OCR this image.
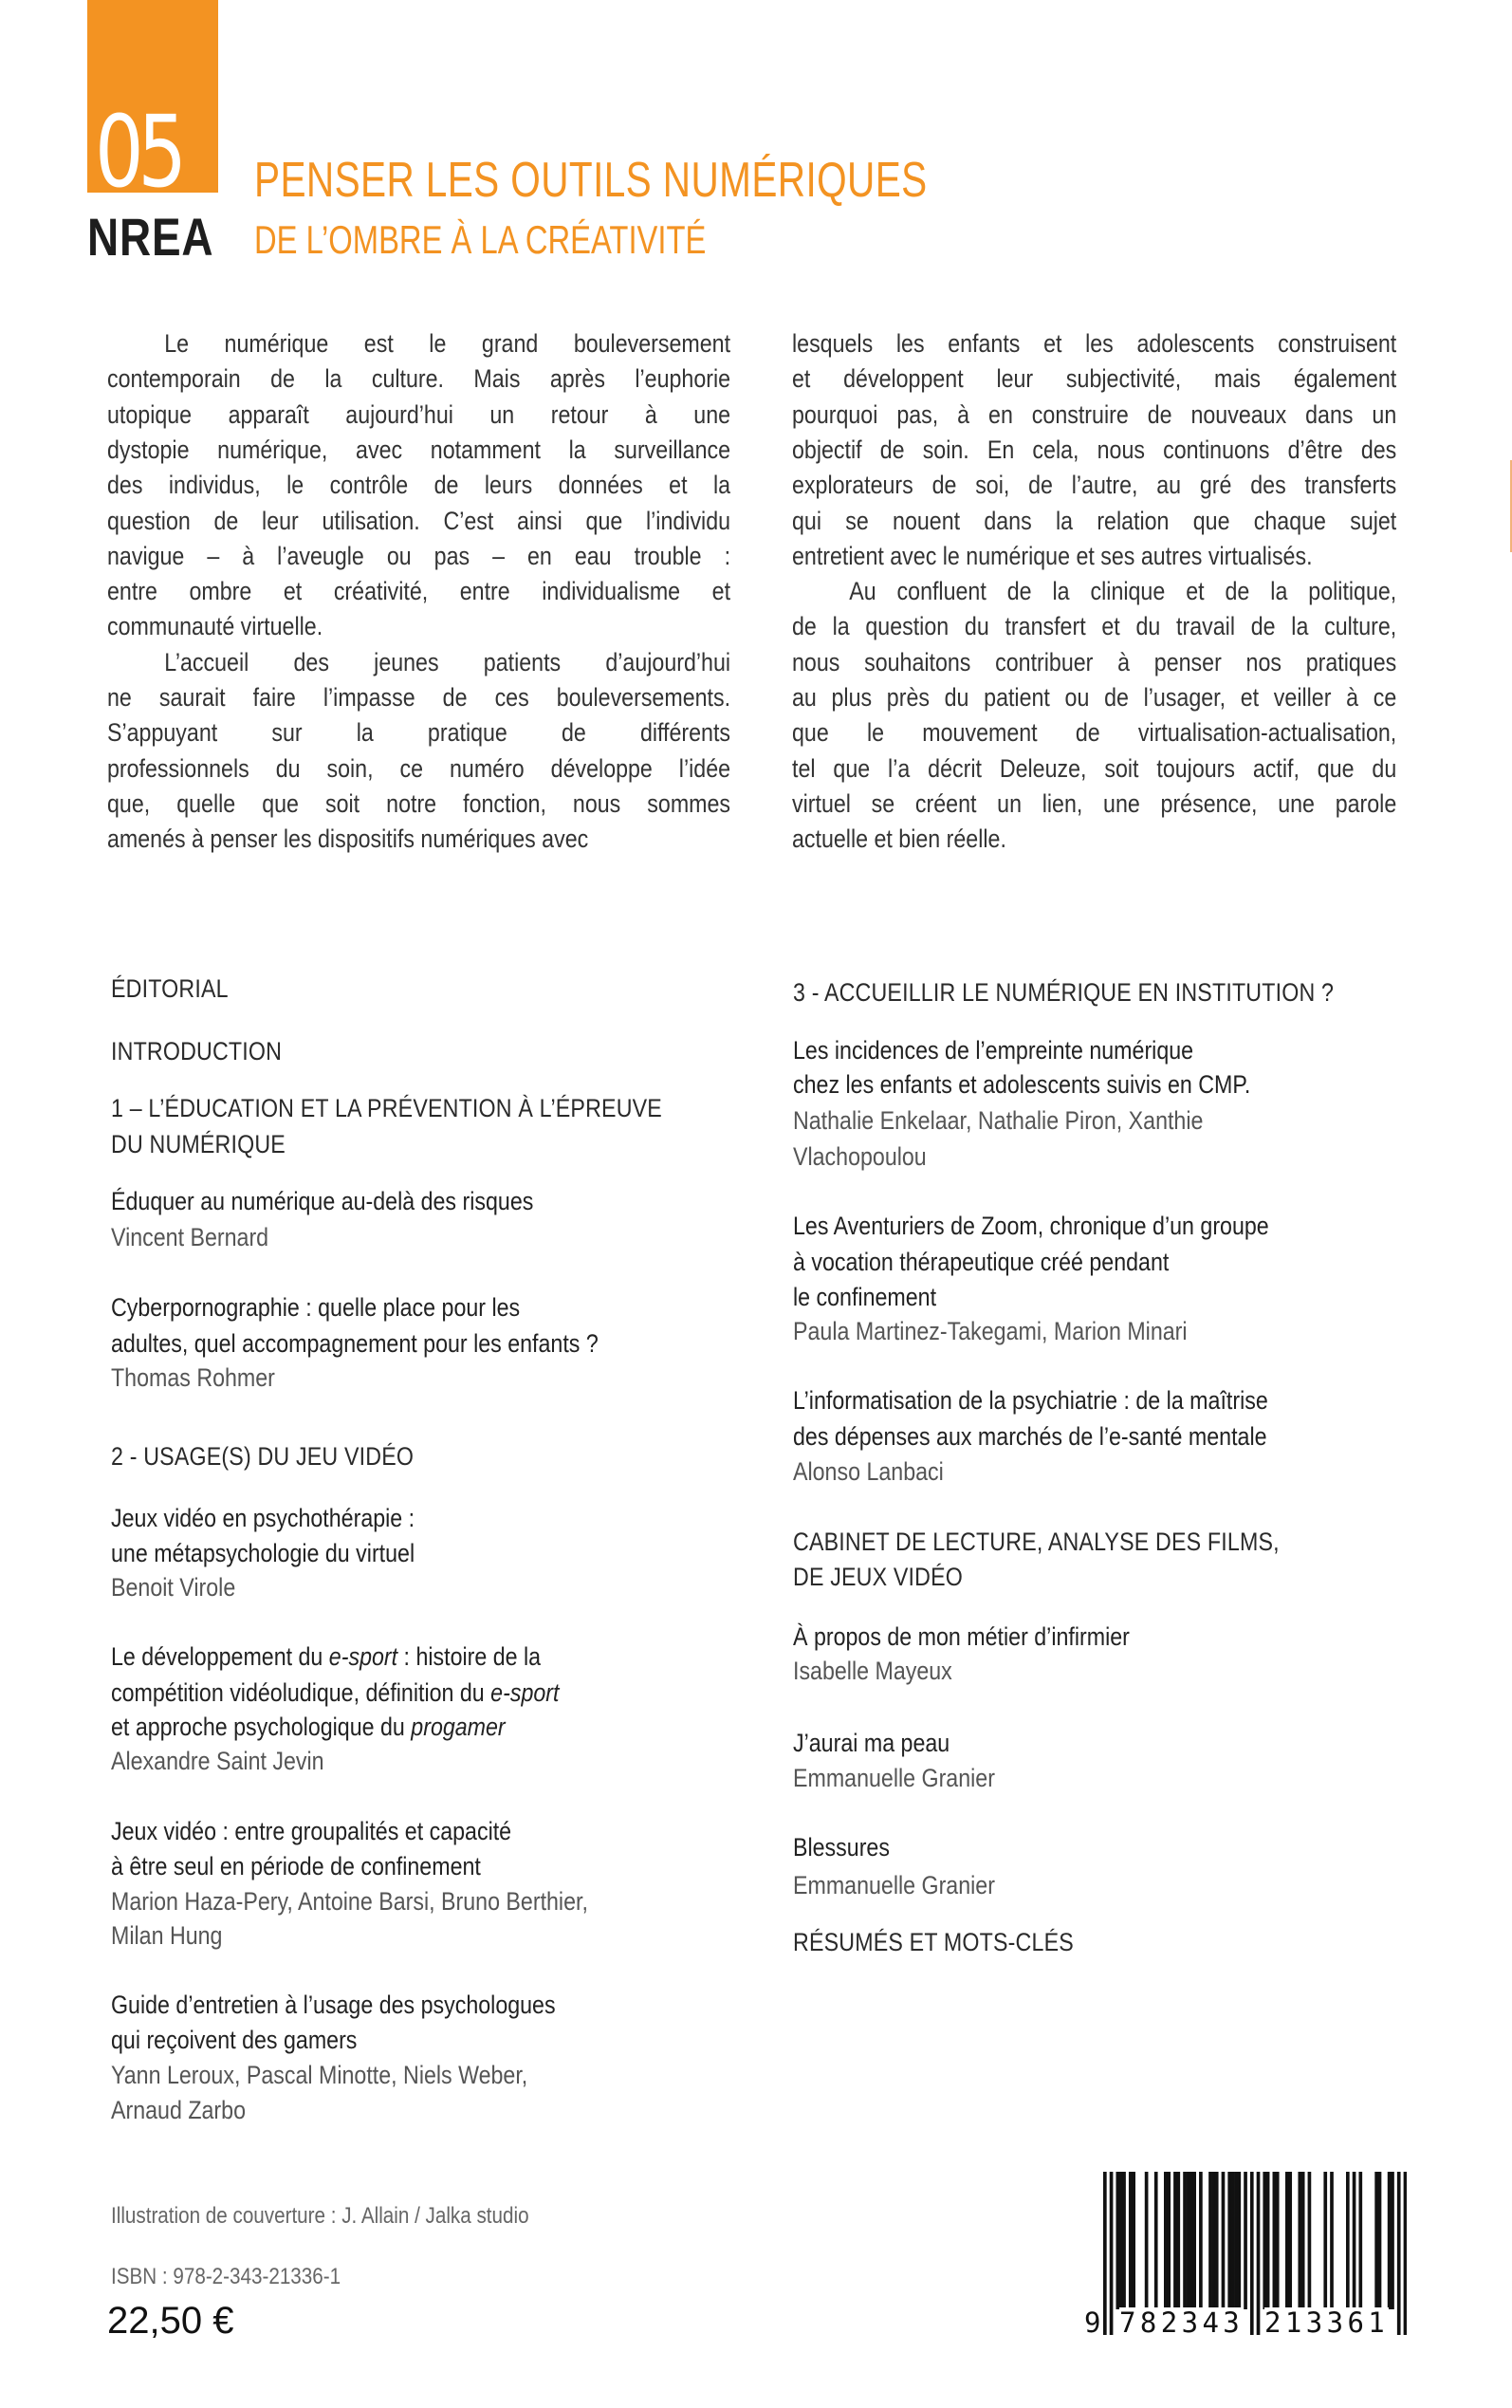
05
NREA
PENSER LES OUTILS NUMÉRIQUES
DE L’OMBRE À LA CRÉATIVITÉ
Le numérique est le grand bouleversement
contemporain de la culture. Mais après l’euphorie
utopique apparaît aujourd’hui un retour à une
dystopie numérique, avec notamment la surveillance
des individus, le contrôle de leurs données et la
question de leur utilisation. C’est ainsi que l’individu
navigue – à l’aveugle ou pas – en eau trouble :
entre ombre et créativité, entre individualisme et
communauté virtuelle.
L’accueil des jeunes patients d’aujourd’hui
ne saurait faire l’impasse de ces bouleversements.
S’appuyant sur la pratique de différents
professionnels du soin, ce numéro développe l’idée
que, quelle que soit notre fonction, nous sommes
amenés à penser les dispositifs numériques avec
lesquels les enfants et les adolescents construisent
et développent leur subjectivité, mais également
pourquoi pas, à en construire de nouveaux dans un
objectif de soin. En cela, nous continuons d’être des
explorateurs de soi, de l’autre, au gré des transferts
qui se nouent dans la relation que chaque sujet
entretient avec le numérique et ses autres virtualisés.
Au confluent de la clinique et de la politique,
de la question du transfert et du travail de la culture,
nous souhaitons contribuer à penser nos pratiques
au plus près du patient ou de l’usager, et veiller à ce
que le mouvement de virtualisation-actualisation,
tel que l’a décrit Deleuze, soit toujours actif, que du
virtuel se créent un lien, une présence, une parole
actuelle et bien réelle.
ÉDITORIAL
INTRODUCTION
1 – L’ÉDUCATION ET LA PRÉVENTION À L’ÉPREUVE
DU NUMÉRIQUE
Éduquer au numérique au-delà des risques
Vincent Bernard
Cyberpornographie : quelle place pour les
adultes, quel accompagnement pour les enfants ?
Thomas Rohmer
2 - USAGE(S) DU JEU VIDÉO
Jeux vidéo en psychothérapie :
une métapsychologie du virtuel
Benoit Virole
Le développement du e-sport : histoire de la
compétition vidéoludique, définition du e-sport
et approche psychologique du progamer
Alexandre Saint Jevin
Jeux vidéo : entre groupalités et capacité
à être seul en période de confinement
Marion Haza-Pery, Antoine Barsi, Bruno Berthier,
Milan Hung
Guide d’entretien à l’usage des psychologues
qui reçoivent des gamers
Yann Leroux, Pascal Minotte, Niels Weber,
Arnaud Zarbo
3 - ACCUEILLIR LE NUMÉRIQUE EN INSTITUTION ?
Les incidences de l’empreinte numérique
chez les enfants et adolescents suivis en CMP.
Nathalie Enkelaar, Nathalie Piron, Xanthie
Vlachopoulou
Les Aventuriers de Zoom, chronique d’un groupe
à vocation thérapeutique créé pendant
le confinement
Paula Martinez-Takegami, Marion Minari
L’informatisation de la psychiatrie : de la maîtrise
des dépenses aux marchés de l’e-santé mentale
Alonso Lanbaci
CABINET DE LECTURE, ANALYSE DES FILMS,
DE JEUX VIDÉO
À propos de mon métier d’infirmier
Isabelle Mayeux
J’aurai ma peau
Emmanuelle Granier
Blessures
Emmanuelle Granier
RÉSUMÉS ET MOTS-CLÉS
Illustration de couverture : J. Allain / Jalka studio
ISBN : 978-2-343-21336-1
22,50 €	9 782343 213361
